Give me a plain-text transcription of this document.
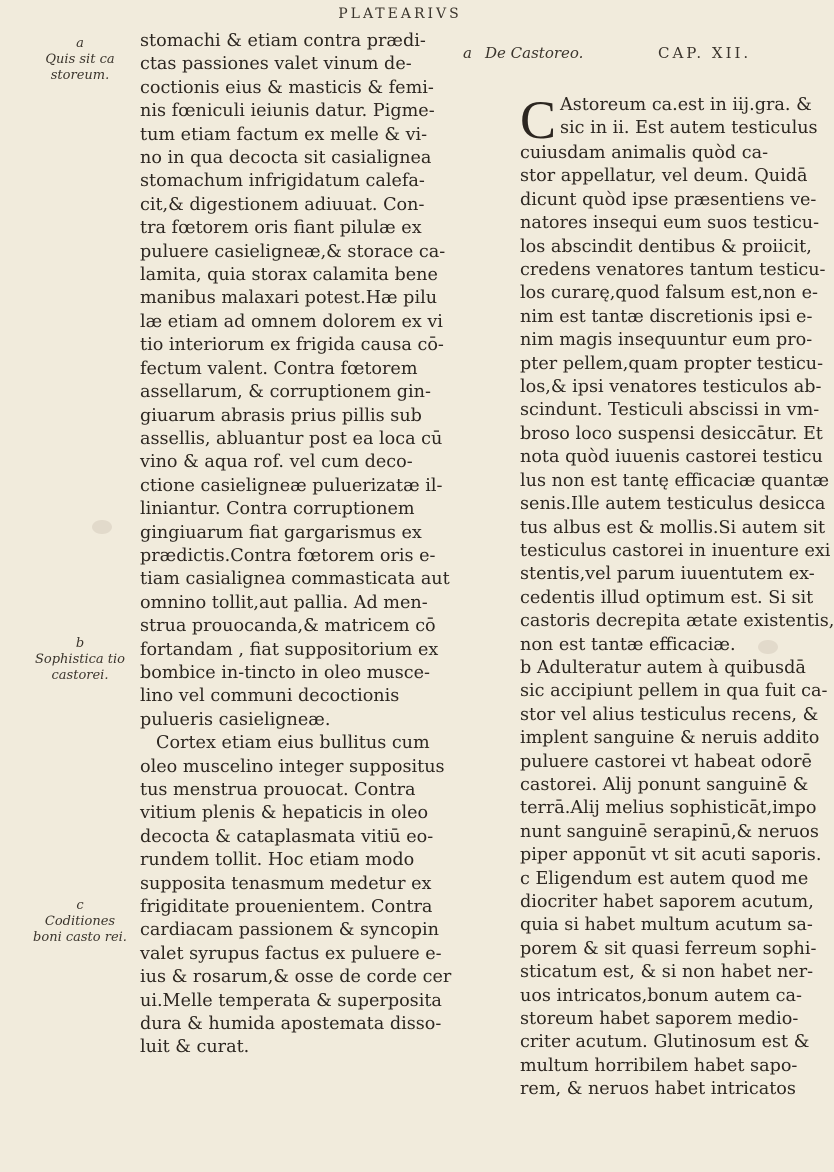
PLATEARIVS
a De Castoreo.	CAP. XII.
a
Quis sit ca storeum.
b
Sophistica tio castorei.
c
Coditiones boni casto rei.
stomachi & etiam contra prædi-
ctas passiones valet vinum de-
coctionis eius & masticis & femi-
nis fœniculi ieiunis datur. Pigme-
tum etiam factum ex melle & vi-
no in qua decocta sit casialignea
stomachum infrigidatum calefa-
cit,& digestionem adiuuat. Con-
tra fœtorem oris fiant pilulæ ex
puluere casieligneæ,& storace ca-
lamita, quia storax calamita bene
manibus malaxari potest.Hæ pilu
læ etiam ad omnem dolorem ex vi
tio interiorum ex frigida causa cō-
fectum valent. Contra fœtorem
assellarum, & corruptionem gin-
giuarum abrasis prius pillis sub
assellis, abluantur post ea loca cū
vino & aqua rof. vel cum deco-
ctione casieligneæ puluerizatæ il-
liniantur. Contra corruptionem
gingiuarum fiat gargarismus ex
prædictis.Contra fœtorem oris e-
tiam casialignea commasticata aut
omnino tollit,aut pallia. Ad men-
strua prouocanda,& matricem cō
fortandam , fiat suppositorium ex
bombice in-tincto in oleo musce-
lino vel communi decoctionis
pulueris casieligneæ.
Cortex etiam eius bullitus cum
oleo muscelino integer suppositus
tus menstrua prouocat. Contra
vitium plenis & hepaticis in oleo
decocta & cataplasmata vitiū eo-
rundem tollit. Hoc etiam modo
supposita tenasmum medetur ex
frigiditate prouenientem. Contra
cardiacam passionem & syncopin
valet syrupus factus ex puluere e-
ius & rosarum,& osse de corde cer
ui.Melle temperata & superposita
dura & humida apostemata disso-
luit & curat.
C Astoreum ca.est in iij.gra. &
sic in ii. Est autem testiculus
cuiusdam animalis quòd ca-
stor appellatur, vel deum. Quidā
dicunt quòd ipse præsentiens ve-
natores insequi eum suos testicu-
los abscindit dentibus & proiicit,
credens venatores tantum testicu-
los curarę,quod falsum est,non e-
nim est tantæ discretionis ipsi e-
nim magis insequuntur eum pro-
pter pellem,quam propter testicu-
los,& ipsi venatores testiculos ab-
scindunt. Testiculi abscissi in vm-
broso loco suspensi desiccātur. Et
nota quòd iuuenis castorei testicu
lus non est tantę efficaciæ quantæ
senis.Ille autem testiculus desicca
tus albus est & mollis.Si autem sit
testiculus castorei in inuenture exi
stentis,vel parum iuuentutem ex-
cedentis illud optimum est. Si sit
castoris decrepita ætate existentis,
non est tantæ efficaciæ.
b Adulteratur autem à quibusdā
sic accipiunt pellem in qua fuit ca-
stor vel alius testiculus recens, &
implent sanguine & neruis addito
puluere castorei vt habeat odorē
castorei. Alij ponunt sanguinē &
terrā.Alij melius sophisticāt,impo
nunt sanguinē serapinū,& neruos
piper apponūt vt sit acuti saporis.
c Eligendum est autem quod me
diocriter habet saporem acutum,
quia si habet multum acutum sa-
porem & sit quasi ferreum sophi-
sticatum est, & si non habet ner-
uos intricatos,bonum autem ca-
storeum habet saporem medio-
criter acutum. Glutinosum est &
multum horribilem habet sapo-
rem, & neruos habet intricatos
